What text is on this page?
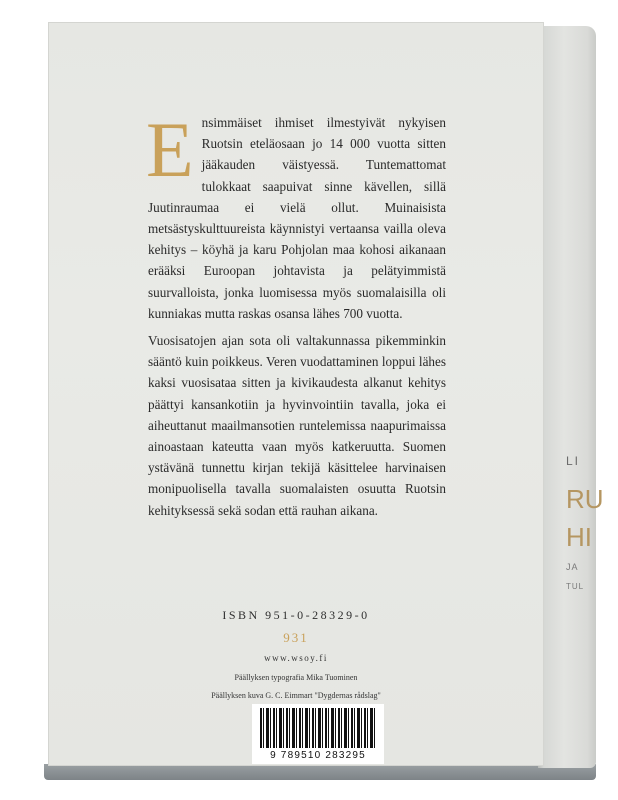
LI
RU
HI
JA
TUL

Ensimmäiset ihmiset ilmestyivät nykyisen Ruotsin eteläosaan jo 14 000 vuotta sitten jääkauden väistyessä. Tuntemattomat tulokkaat saapuivat sinne kävellen, sillä Juutinraumaa ei vielä ollut. Muinaisista metsästyskulttuureista käynnistyi vertaansa vailla oleva kehitys – köyhä ja karu Pohjolan maa kohosi aikanaan erääksi Euroopan johtavista ja pelätyimmistä suurvalloista, jonka luomisessa myös suomalaisilla oli kunniakas mutta raskas osansa lähes 700 vuotta.

Vuosisatojen ajan sota oli valtakunnassa pikemminkin sääntö kuin poikkeus. Veren vuodattaminen loppui lähes kaksi vuosisataa sitten ja kivikaudesta alkanut kehitys päättyi kansankotiin ja hyvinvointiin tavalla, joka ei aiheuttanut maailmansotien runtelemissa naapurimaissa ainoastaan kateutta vaan myös katkeruutta. Suomen ystävänä tunnettu kirjan tekijä käsittelee harvinaisen monipuolisella tavalla suomalaisten osuutta Ruotsin kehityksessä sekä sodan että rauhan aikana.

ISBN 951-0-28329-0
931
www.wsoy.fi
Päällyksen typografia Mika Tuominen
Päällyksen kuva G. C. Eimmart "Dygdernas rådslag"
9 789510 283295
